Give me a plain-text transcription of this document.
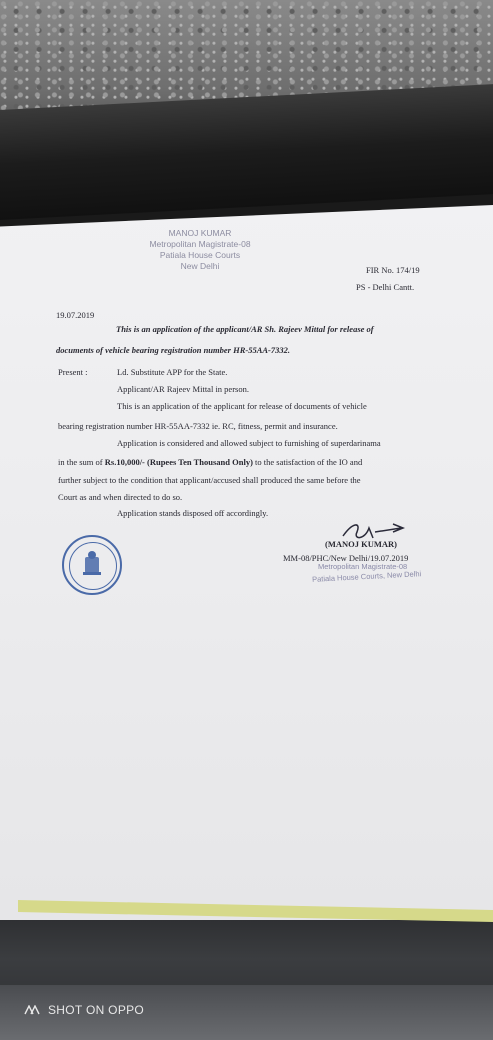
MANOJ KUMAR
Metropolitan Magistrate-08
Patiala House Courts
New Delhi	FIR No. 174/19
PS - Delhi Cantt.
19.07.2019
This is an application of the applicant/AR Sh. Rajeev Mittal for release of
documents of vehicle bearing registration number HR-55AA-7332.
Present :	Ld. Substitute APP for the State.
Applicant/AR Rajeev Mittal in person.
This is an application of the applicant for release of documents of vehicle
bearing registration number HR-55AA-7332 ie. RC, fitness, permit and insurance.
Application is considered and allowed subject to furnishing of superdarinama
in the sum of Rs.10,000/- (Rupees Ten Thousand Only) to the satisfaction of the IO and
further subject to the condition that applicant/accused shall produced the same before the
Court as and when directed to do so.
Application stands disposed off accordingly.
(MANOJ KUMAR)
MM-08/PHC/New Delhi/19.07.2019
Metropolitan Magistrate-08
Patiala House Courts, New Delhi
SHOT ON OPPO
